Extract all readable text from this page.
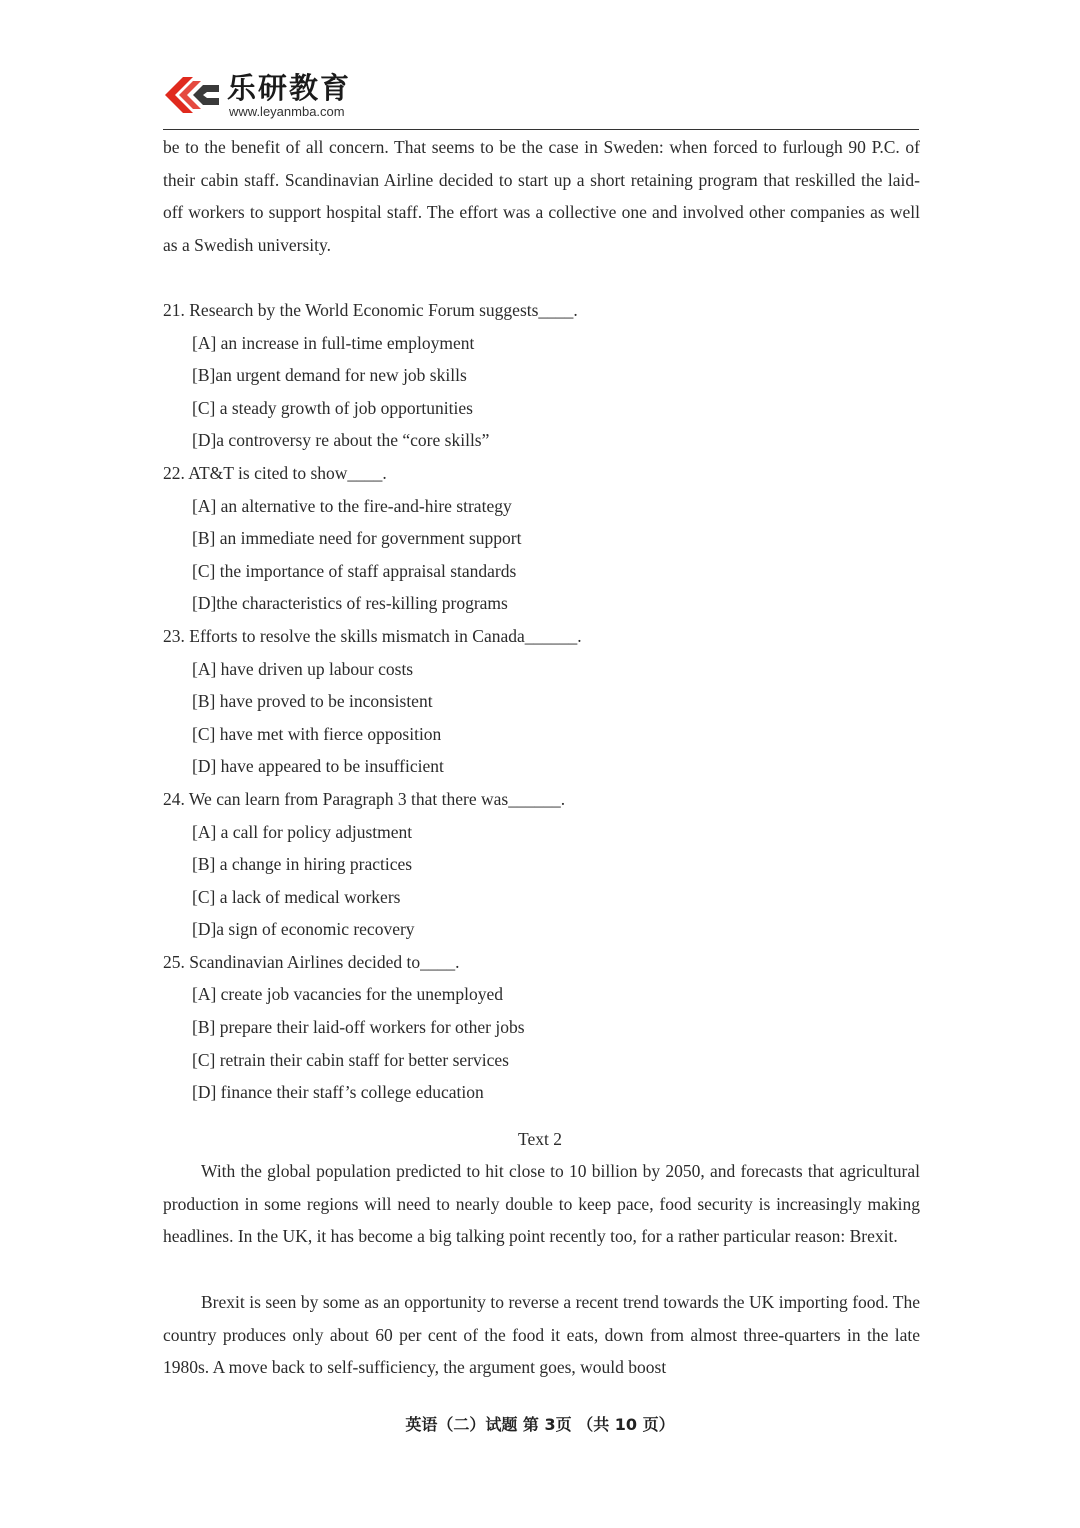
乐研教育
www.leyanmba.com

be to the benefit of all concern. That seems to be the case in Sweden: when forced to furlough 90 P.C. of their cabin staff. Scandinavian Airline decided to start up a short retaining program that reskilled the laid-off workers to support hospital staff. The effort was a collective one and involved other companies as well as a Swedish university.

21. Research by the World Economic Forum suggests____.
[A] an increase in full-time employment
[B]an urgent demand for new job skills
[C] a steady growth of job opportunities
[D]a controversy re about the “core skills”
22. AT&T is cited to show____.
[A] an alternative to the fire-and-hire strategy
[B] an immediate need for government support
[C] the importance of staff appraisal standards
[D]the characteristics of res-killing programs
23. Efforts to resolve the skills mismatch in Canada______.
[A] have driven up labour costs
[B] have proved to be inconsistent
[C] have met with fierce opposition
[D] have appeared to be insufficient
24. We can learn from Paragraph 3 that there was______.
[A] a call for policy adjustment
[B] a change in hiring practices
[C] a lack of medical workers
[D]a sign of economic recovery
25. Scandinavian Airlines decided to____.
[A] create job vacancies for the unemployed
[B] prepare their laid-off workers for other jobs
[C] retrain their cabin staff for better services
[D] finance their staff’s college education
Text 2

With the global population predicted to hit close to 10 billion by 2050, and forecasts that agricultural production in some regions will need to nearly double to keep pace, food security is increasingly making headlines. In the UK, it has become a big talking point recently too, for a rather particular reason: Brexit.

Brexit is seen by some as an opportunity to reverse a recent trend towards the UK importing food. The country produces only about 60 per cent of the food it eats, down from almost three-quarters in the late 1980s. A move back to self-sufficiency, the argument goes, would boost

英语（二）试题 第 3页 （共 10 页）
